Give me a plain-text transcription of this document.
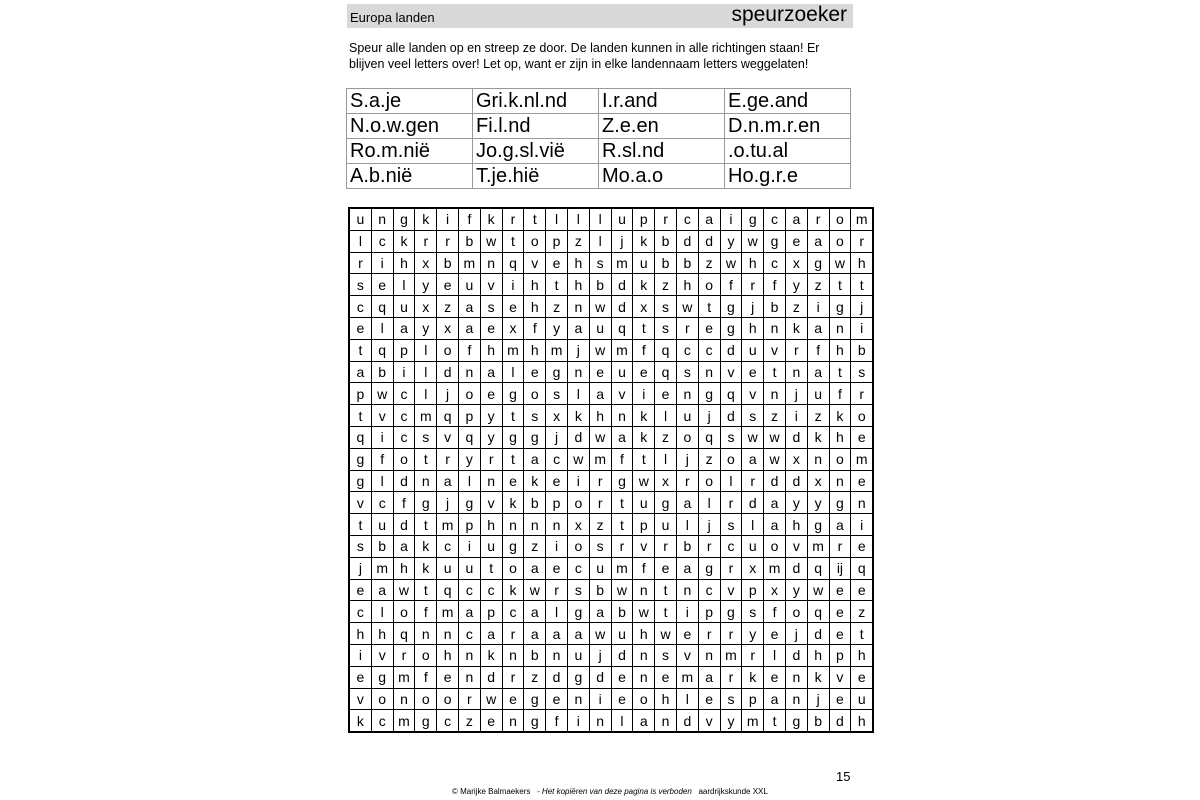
Europa landen	speurzoeker

Speur alle landen op en streep ze door. De landen kunnen in alle richtingen staan! Er blijven veel letters over! Let op, want er zijn in elke landennaam letters weggelaten!

S.a.je	Gri.k.nl.nd	I.r.and	E.ge.and
N.o.w.gen	Fi.l.nd	Z.e.en	D.n.m.r.en
Ro.m.nië	Jo.g.sl.vië	R.sl.nd	.o.tu.al
A.b.nië	T.je.hië	Mo.a.o	Ho.g.r.e
u	n	g	k	i	f	k	r	t	l	l	l	u	p	r	c	a	i	g	c	a	r	o	m
l	c	k	r	r	b	w	t	o	p	z	l	j	k	b	d	d	y	w	g	e	a	o	r
r	i	h	x	b	m	n	q	v	e	h	s	m	u	b	b	z	w	h	c	x	g	w	h
s	e	l	y	e	u	v	i	h	t	h	b	d	k	z	h	o	f	r	f	y	z	t	t
c	q	u	x	z	a	s	e	h	z	n	w	d	x	s	w	t	g	j	b	z	i	g	j
e	l	a	y	x	a	e	x	f	y	a	u	q	t	s	r	e	g	h	n	k	a	n	i
t	q	p	l	o	f	h	m	h	m	j	w	m	f	q	c	c	d	u	v	r	f	h	b
a	b	i	l	d	n	a	l	e	g	n	e	u	e	q	s	n	v	e	t	n	a	t	s
p	w	c	l	j	o	e	g	o	s	l	a	v	i	e	n	g	q	v	n	j	u	f	r
t	v	c	m	q	p	y	t	s	x	k	h	n	k	l	u	j	d	s	z	i	z	k	o
q	i	c	s	v	q	y	g	g	j	d	w	a	k	z	o	q	s	w	w	d	k	h	e
g	f	o	t	r	y	r	t	a	c	w	m	f	t	l	j	z	o	a	w	x	n	o	m
g	l	d	n	a	l	n	e	k	e	i	r	g	w	x	r	o	l	r	d	d	x	n	e
v	c	f	g	j	g	v	k	b	p	o	r	t	u	g	a	l	r	d	a	y	y	g	n
t	u	d	t	m	p	h	n	n	n	x	z	t	p	u	l	j	s	l	a	h	g	a	i
s	b	a	k	c	i	u	g	z	i	o	s	r	v	r	b	r	c	u	o	v	m	r	e
j	m	h	k	u	u	t	o	a	e	c	u	m	f	e	a	g	r	x	m	d	q	ij	q
e	a	w	t	q	c	c	k	w	r	s	b	w	n	t	n	c	v	p	x	y	w	e	e
c	l	o	f	m	a	p	c	a	l	g	a	b	w	t	i	p	g	s	f	o	q	e	z
h	h	q	n	n	c	a	r	a	a	a	w	u	h	w	e	r	r	y	e	j	d	e	t
i	v	r	o	h	n	k	n	b	n	u	j	d	n	s	v	n	m	r	l	d	h	p	h
e	g	m	f	e	n	d	r	z	d	g	d	e	n	e	m	a	r	k	e	n	k	v	e
v	o	n	o	o	r	w	e	g	e	n	i	e	o	h	l	e	s	p	a	n	j	e	u
k	c	m	g	c	z	e	n	g	f	i	n	l	a	n	d	v	y	m	t	g	b	d	h
15
© Marijke Balmaekers - Het kopiëren van deze pagina is verboden aardrijkskunde XXL
